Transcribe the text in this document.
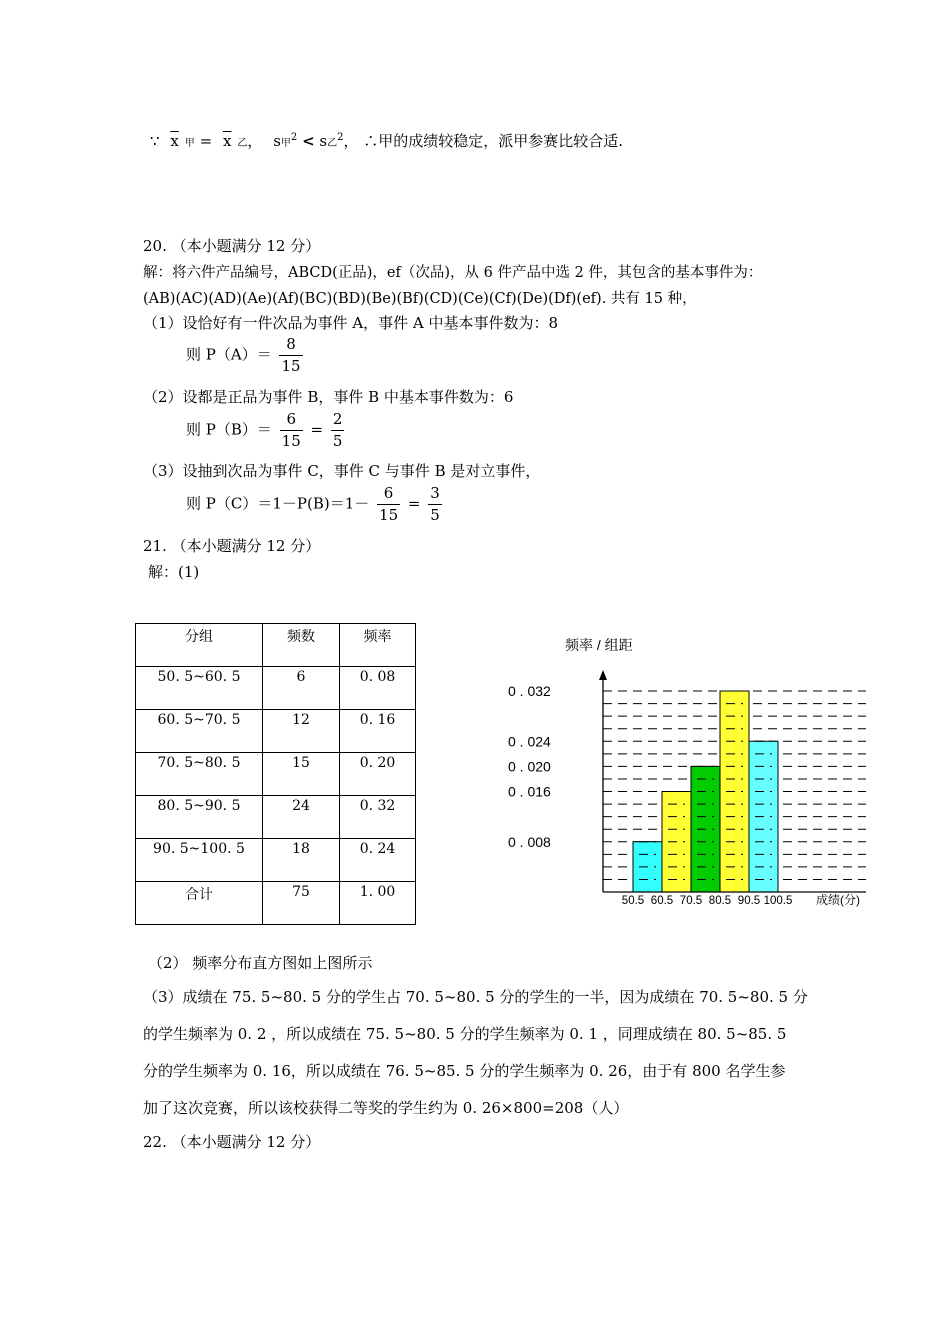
∵ $\overline{x}$ 甲 = $\overline{x}$ 乙， s甲$^2$ < s乙$^2$， ∴甲的成绩较稳定，派甲参赛比较合适.
20. （本小题满分 12 分）
解：将六件产品编号，ABCD(正品)，ef（次品)，从 6 件产品中选 2 件，其包含的基本事件为：
(AB)(AC)(AD)(Ae)(Af)(BC)(BD)(Be)(Bf)(CD)(Ce)(Cf)(De)(Df)(ef). 共有 15 种，
（1）设恰好有一件次品为事件 A，事件 A 中基本事件数为：8
则 $P(A)= \frac{8}{15}$
（2）设都是正品为事件 B，事件 B 中基本事件数为：6
则 $P(B)= \frac{6}{15} = \frac{2}{5}$
（3）设抽到次品为事件 C，事件 C 与事件 B 是对立事件，
则 $P(C)=1-P(B)=1- \frac{6}{15} = \frac{3}{5}$
21. （本小题满分 12 分）
解：(1)
分组	频数	频率
50. 5~60. 5	6	0. 08
60. 5~70. 5	12	0. 16
70. 5~80. 5	15	0. 20
80. 5~90. 5	24	0. 32
90. 5~100. 5	18	0. 24
合计	75	1. 00
频率 / 组距
0 . 032
0 . 024
0 . 020
0 . 016
0 . 008
50.5 60.5 70.5 80.5 90.5 100.5 成绩(分)
（2） 频率分布直方图如上图所示
（3）成绩在 75. 5~80. 5 分的学生占 70. 5~80. 5 分的学生的一半，因为成绩在 70. 5~80. 5 分
的学生频率为 0. 2 ，所以成绩在 75. 5~80. 5 分的学生频率为 0. 1 ，同理成绩在 80. 5~85. 5
分的学生频率为 0. 16，所以成绩在 76. 5~85. 5 分的学生频率为 0. 26，由于有 800 名学生参
加了这次竞赛，所以该校获得二等奖的学生约为 0. 26×800=208（人）
22. （本小题满分 12 分）
